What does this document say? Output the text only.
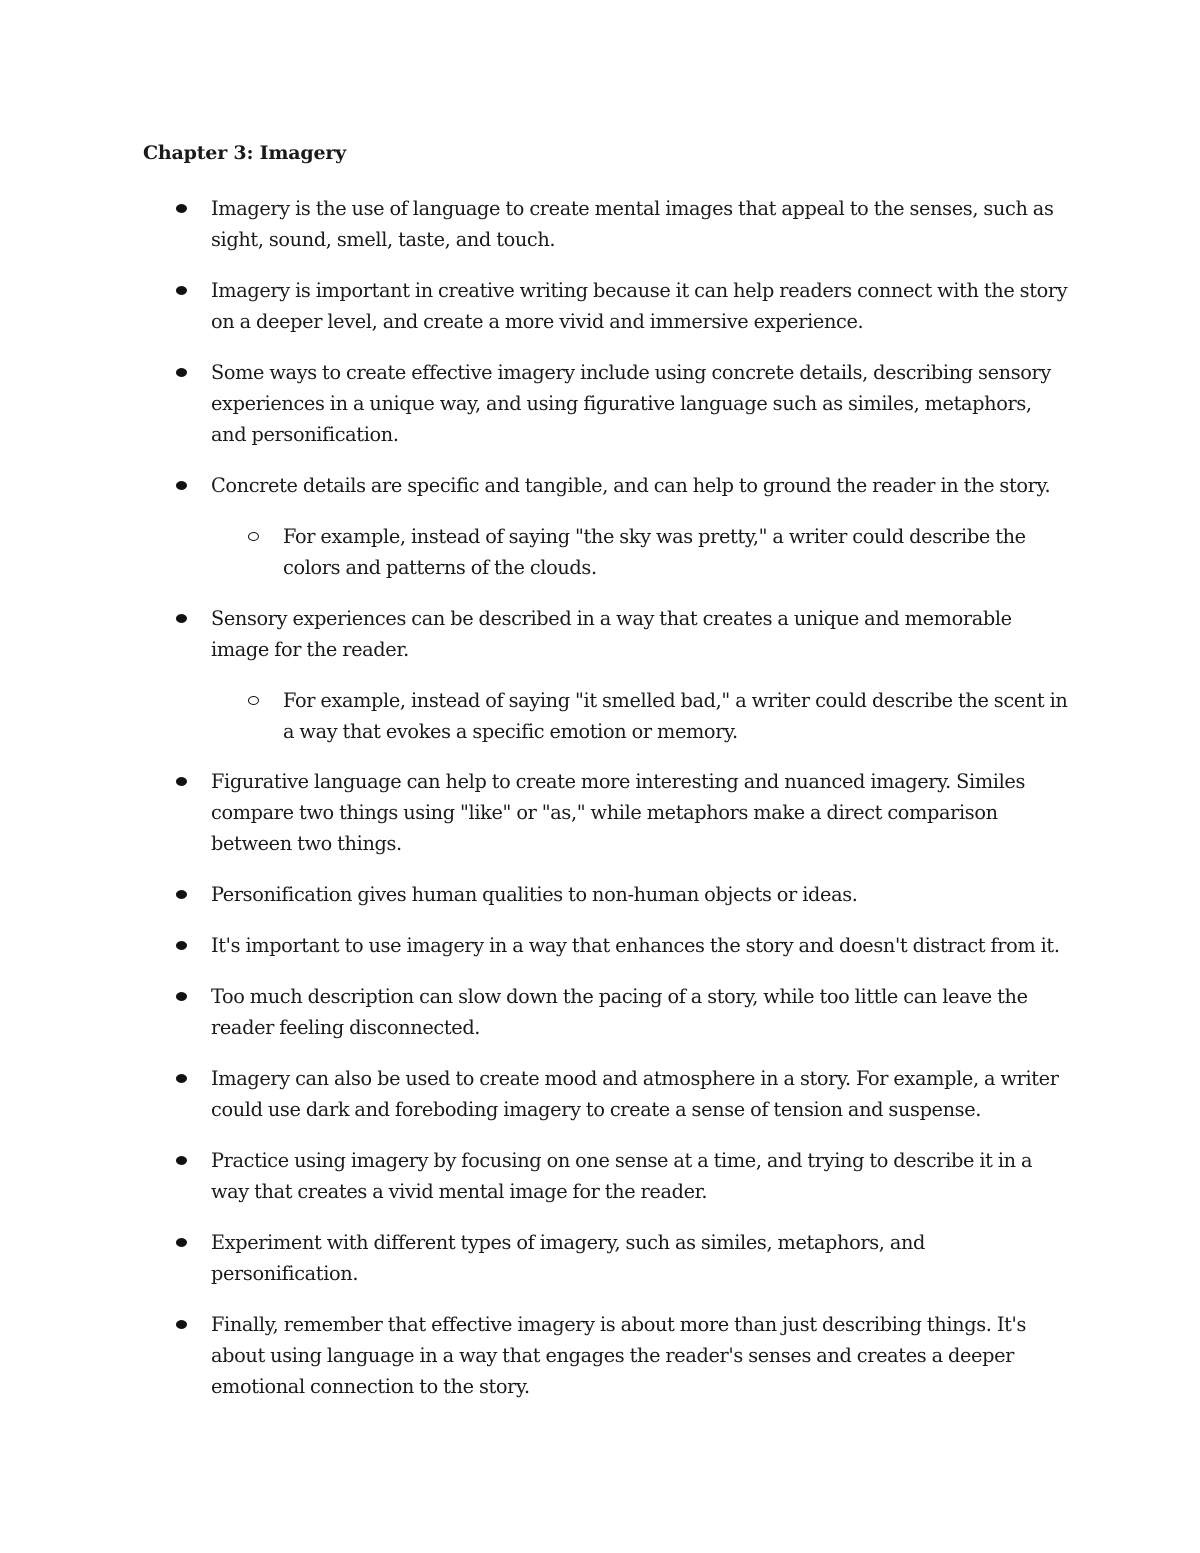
Chapter 3: Imagery
Imagery is the use of language to create mental images that appeal to the senses, such as sight, sound, smell, taste, and touch.
Imagery is important in creative writing because it can help readers connect with the story on a deeper level, and create a more vivid and immersive experience.
Some ways to create effective imagery include using concrete details, describing sensory experiences in a unique way, and using figurative language such as similes, metaphors, and personification.
Concrete details are specific and tangible, and can help to ground the reader in the story.
For example, instead of saying "the sky was pretty," a writer could describe the colors and patterns of the clouds.
Sensory experiences can be described in a way that creates a unique and memorable image for the reader.
For example, instead of saying "it smelled bad," a writer could describe the scent in a way that evokes a specific emotion or memory.
Figurative language can help to create more interesting and nuanced imagery. Similes compare two things using "like" or "as," while metaphors make a direct comparison between two things.
Personification gives human qualities to non-human objects or ideas.
It's important to use imagery in a way that enhances the story and doesn't distract from it.
Too much description can slow down the pacing of a story, while too little can leave the reader feeling disconnected.
Imagery can also be used to create mood and atmosphere in a story. For example, a writer could use dark and foreboding imagery to create a sense of tension and suspense.
Practice using imagery by focusing on one sense at a time, and trying to describe it in a way that creates a vivid mental image for the reader.
Experiment with different types of imagery, such as similes, metaphors, and personification.
Finally, remember that effective imagery is about more than just describing things. It's about using language in a way that engages the reader's senses and creates a deeper emotional connection to the story.
